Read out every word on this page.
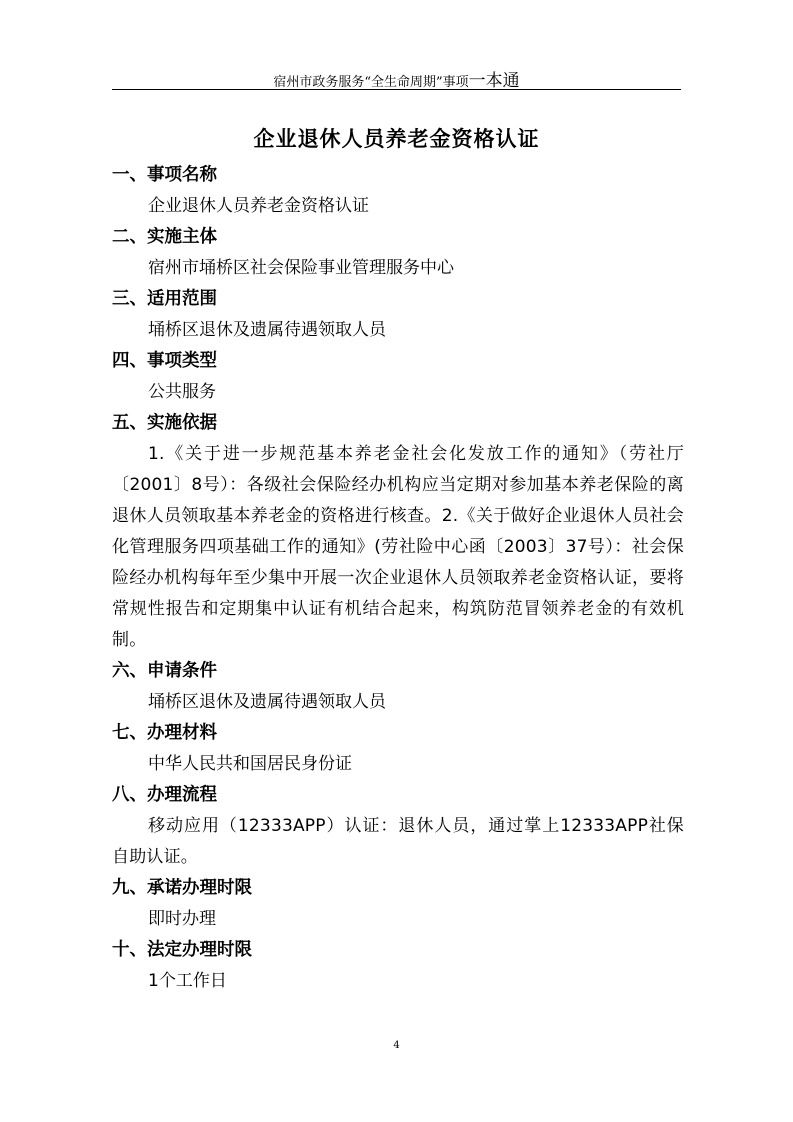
宿州市政务服务“全生命周期”事项一本通
企业退休人员养老金资格认证
一、事项名称
企业退休人员养老金资格认证
二、实施主体
宿州市埇桥区社会保险事业管理服务中心
三、适用范围
埇桥区退休及遗属待遇领取人员
四、事项类型
公共服务
五、实施依据
1.《关于进一步规范基本养老金社会化发放工作的通知》（劳社厅〔2001〕8号）：各级社会保险经办机构应当定期对参加基本养老保险的离退休人员领取基本养老金的资格进行核查。2.《关于做好企业退休人员社会化管理服务四项基础工作的通知》(劳社险中心函〔2003〕37号）：社会保险经办机构每年至少集中开展一次企业退休人员领取养老金资格认证，要将常规性报告和定期集中认证有机结合起来，构筑防范冒领养老金的有效机制。
六、申请条件
埇桥区退休及遗属待遇领取人员
七、办理材料
中华人民共和国居民身份证
八、办理流程
移动应用（12333APP）认证：退休人员，通过掌上12333APP社保自助认证。
九、承诺办理时限
即时办理
十、法定办理时限
1个工作日
4
